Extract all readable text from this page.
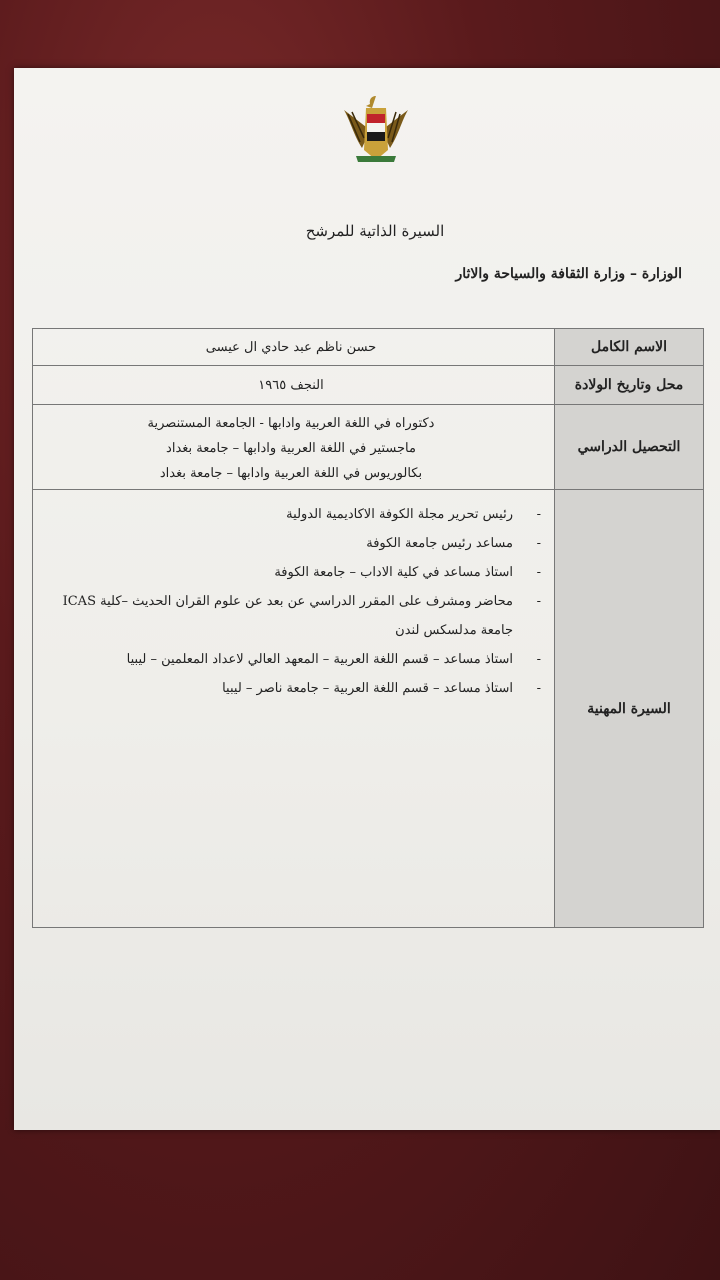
السيرة الذاتية للمرشح
الوزارة – وزارة الثقافة والسياحة والاثار
الاسم الكامل
حسن ناظم عبد حادي ال عيسى
محل وتاريخ الولادة
النجف ١٩٦٥
التحصيل الدراسي
دكتوراه في اللغة العربية وادابها - الجامعة المستنصرية
ماجستير في اللغة العربية وادابها – جامعة بغداد
بكالوريوس في اللغة العربية وادابها – جامعة بغداد
السيرة المهنية
-
رئيس تحرير مجلة الكوفة الاكاديمية الدولية
-
مساعد رئيس جامعة الكوفة
-
استاذ مساعد في كلية الاداب – جامعة الكوفة
-
محاضر ومشرف على المقرر الدراسي عن بعد عن علوم القران الحديث –كلية ICAS جامعة مدلسكس لندن
-
استاذ مساعد – قسم اللغة العربية – المعهد العالي لاعداد المعلمين – ليبيا
-
استاذ مساعد – قسم اللغة العربية – جامعة ناصر – ليبيا
